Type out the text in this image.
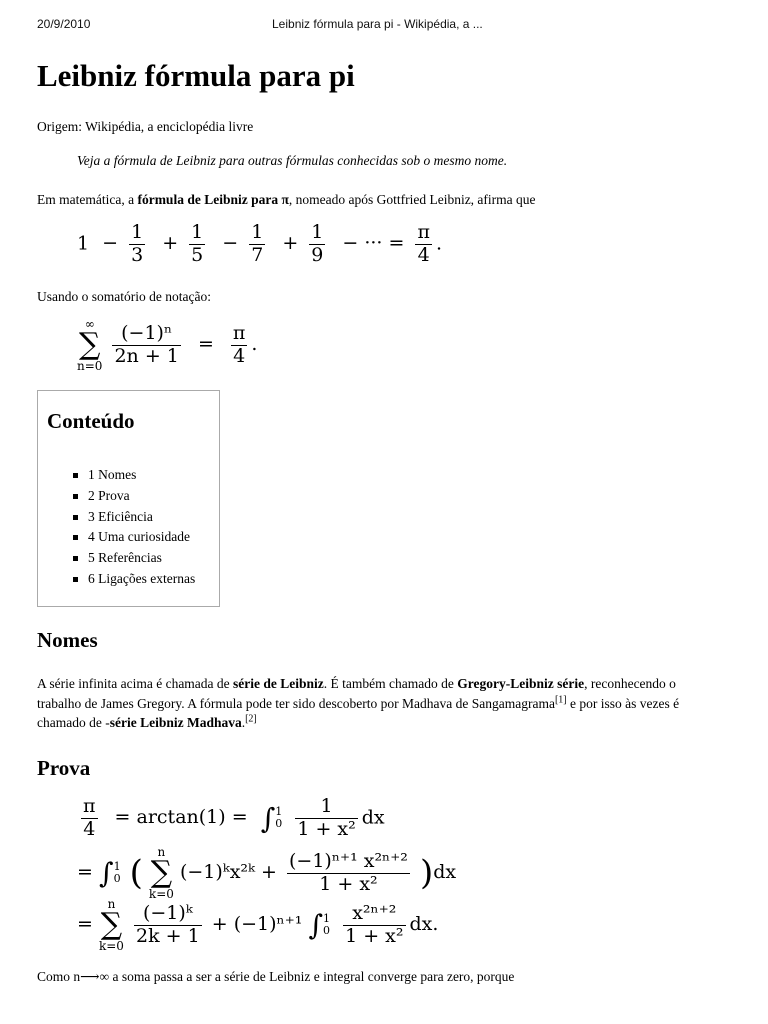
20/9/2010	Leibniz fórmula para pi - Wikipédia, a ...
Leibniz fórmula para pi

Origem: Wikipédia, a enciclopédia livre

Veja a fórmula de Leibniz para outras fórmulas conhecidas sob o mesmo nome.

Em matemática, a fórmula de Leibniz para π, nomeado após Gottfried Leibniz, afirma que

$1 - \frac{1}{3} + \frac{1}{5} - \frac{1}{7} + \frac{1}{9}$ − ··· = $\frac{\pi}{4}$ .

Usando o somatório de notação:

∞
∑
$n=0 \frac{\text{(−1)ⁿ}}{2n + 1} = \frac{\pi}{4}$ .
Conteúdo
1 Nomes
2 Prova
3 Eficiência
4 Uma curiosidade
5 Referências
6 Ligações externas
Nomes

A série infinita acima é chamada de série de Leibniz. É também chamado de Gregory-Leibniz série, reconhecendo o trabalho de James Gregory. A fórmula pode ter sido descoberto por Madhava de Sangamagrama[1] e por isso às vezes é chamado de -série Leibniz Madhava.[2]

Prova
$\frac{\pi}{4} = \arctan(1) = \int 1$
$0 \frac{1}{\text{1 + x²}}$ dx
= ∫1
0 ( n
∑
k=0 (−1)ᵏx²ᵏ + $\frac{\text{(−1)ⁿ⁺¹ x²ⁿ⁺²}}{\text{1 + x²}} )dx$
= n
∑
$k=0 \frac{\text{(−1)ᵏ}}{2k + 1} + (-1)^{n+1}$ ∫1
$0 \frac{\text{x²ⁿ⁺²}}{\text{1 + x²}}$ dx.

Como n⟶∞ a soma passa a ser a série de Leibniz e integral converge para zero, porque
